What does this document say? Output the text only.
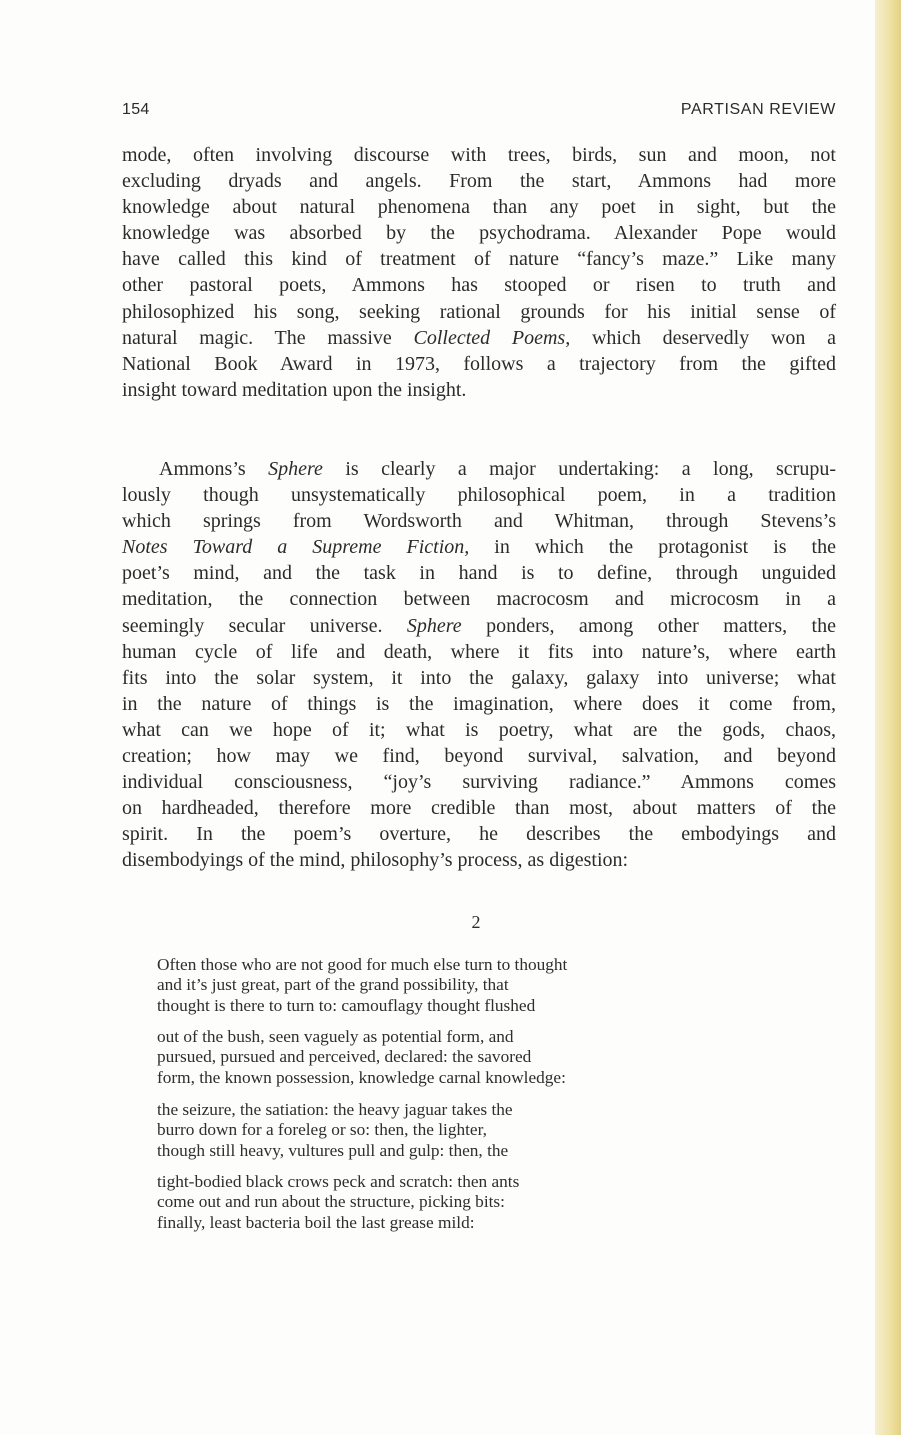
154	PARTISAN REVIEW
mode, often involving discourse with trees, birds, sun and moon, not
excluding dryads and angels. From the start, Ammons had more
knowledge about natural phenomena than any poet in sight, but the
knowledge was absorbed by the psychodrama. Alexander Pope would
have called this kind of treatment of nature “fancy’s maze.” Like many
other pastoral poets, Ammons has stooped or risen to truth and
philosophized his song, seeking rational grounds for his initial sense of
natural magic. The massive Collected Poems, which deservedly won a
National Book Award in 1973, follows a trajectory from the gifted
insight toward meditation upon the insight.
Ammons’s Sphere is clearly a major undertaking: a long, scrupu-
lously though unsystematically philosophical poem, in a tradition
which springs from Wordsworth and Whitman, through Stevens’s
Notes Toward a Supreme Fiction, in which the protagonist is the
poet’s mind, and the task in hand is to define, through unguided
meditation, the connection between macrocosm and microcosm in a
seemingly secular universe. Sphere ponders, among other matters, the
human cycle of life and death, where it fits into nature’s, where earth
fits into the solar system, it into the galaxy, galaxy into universe; what
in the nature of things is the imagination, where does it come from,
what can we hope of it; what is poetry, what are the gods, chaos,
creation; how may we find, beyond survival, salvation, and beyond
individual consciousness, “joy’s surviving radiance.” Ammons comes
on hardheaded, therefore more credible than most, about matters of the
spirit. In the poem’s overture, he describes the embodyings and
disembodyings of the mind, philosophy’s process, as digestion:
2
Often those who are not good for much else turn to thought
and it’s just great, part of the grand possibility, that
thought is there to turn to: camouflagy thought flushed
out of the bush, seen vaguely as potential form, and
pursued, pursued and perceived, declared: the savored
form, the known possession, knowledge carnal knowledge:
the seizure, the satiation: the heavy jaguar takes the
burro down for a foreleg or so: then, the lighter,
though still heavy, vultures pull and gulp: then, the
tight-bodied black crows peck and scratch: then ants
come out and run about the structure, picking bits:
finally, least bacteria boil the last grease mild:
